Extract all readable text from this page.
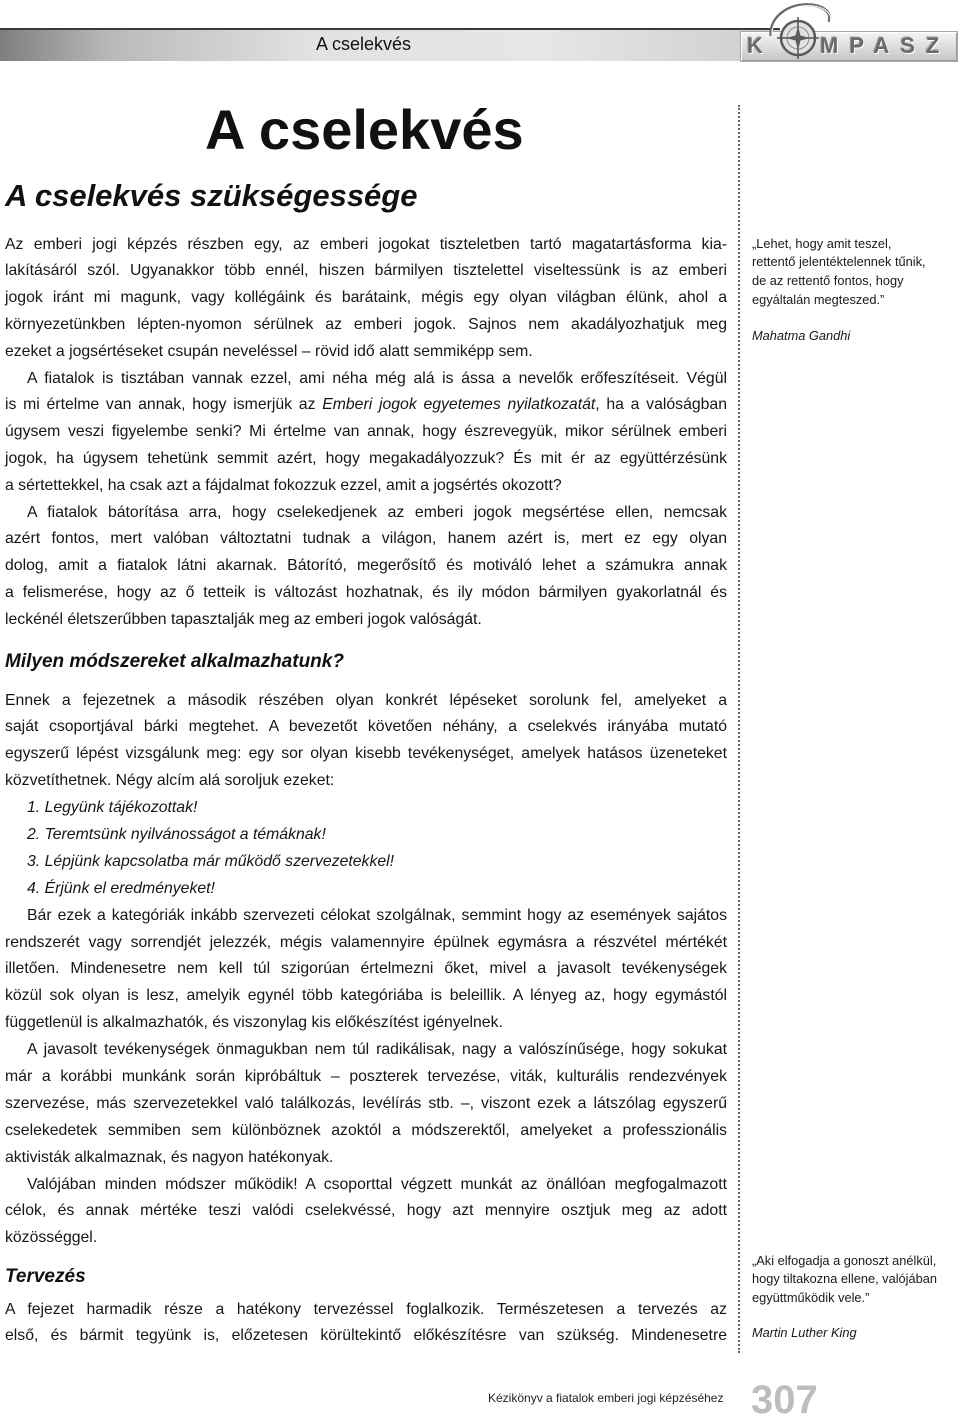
A cselekvés	K	MPASZ
A cselekvés
A cselekvés szükségessége
Az emberi jogi képzés részben egy, az emberi jogokat tiszteletben tartó magatartásforma kia-
lakításáról szól. Ugyanakkor több ennél, hiszen bármilyen tisztelettel viseltessünk is az emberi
jogok iránt mi magunk, vagy kollégáink és barátaink, mégis egy olyan világban élünk, ahol a
környezetünkben lépten-nyomon sérülnek az emberi jogok. Sajnos nem akadályozhatjuk meg
ezeket a jogsértéseket csupán neveléssel – rövid idő alatt semmiképp sem.
A fiatalok is tisztában vannak ezzel, ami néha még alá is ássa a nevelők erőfeszítéseit. Végül
is mi értelme van annak, hogy ismerjük az Emberi jogok egyetemes nyilatkozatát, ha a valóságban
úgysem veszi figyelembe senki? Mi értelme van annak, hogy észrevegyük, mikor sérülnek emberi
jogok, ha úgysem tehetünk semmit azért, hogy megakadályozzuk? És mit ér az együttérzésünk
a sértettekkel, ha csak azt a fájdalmat fokozzuk ezzel, amit a jogsértés okozott?
A fiatalok bátorítása arra, hogy cselekedjenek az emberi jogok megsértése ellen, nemcsak
azért fontos, mert valóban változtatni tudnak a világon, hanem azért is, mert ez egy olyan
dolog, amit a fiatalok látni akarnak. Bátorító, megerősítő és motiváló lehet a számukra annak
a felismerése, hogy az ő tetteik is változást hozhatnak, és ily módon bármilyen gyakorlatnál és
leckénél életszerűbben tapasztalják meg az emberi jogok valóságát.
Milyen módszereket alkalmazhatunk?
Ennek a fejezetnek a második részében olyan konkrét lépéseket sorolunk fel, amelyeket a
saját csoportjával bárki megtehet. A bevezetőt követően néhány, a cselekvés irányába mutató
egyszerű lépést vizsgálunk meg: egy sor olyan kisebb tevékenységet, amelyek hatásos üzeneteket
közvetíthetnek. Négy alcím alá soroljuk ezeket:
1. Legyünk tájékozottak!
2. Teremtsünk nyilvánosságot a témáknak!
3. Lépjünk kapcsolatba már működő szervezetekkel!
4. Érjünk el eredményeket!
Bár ezek a kategóriák inkább szervezeti célokat szolgálnak, semmint hogy az események sajátos
rendszerét vagy sorrendjét jelezzék, mégis valamennyire épülnek egymásra a részvétel mértékét
illetően. Mindenesetre nem kell túl szigorúan értelmezni őket, mivel a javasolt tevékenységek
közül sok olyan is lesz, amelyik egynél több kategóriába is beleillik. A lényeg az, hogy egymástól
függetlenül is alkalmazhatók, és viszonylag kis előkészítést igényelnek.
A javasolt tevékenységek önmagukban nem túl radikálisak, nagy a valószínűsége, hogy sokukat
már a korábbi munkánk során kipróbáltuk – poszterek tervezése, viták, kulturális rendezvények
szervezése, más szervezetekkel való találkozás, levélírás stb. –, viszont ezek a látszólag egyszerű
cselekedetek semmiben sem különböznek azoktól a módszerektől, amelyeket a professzionális
aktivisták alkalmaznak, és nagyon hatékonyak.
Valójában minden módszer működik! A csoporttal végzett munkát az önállóan megfogalmazott
célok, és annak mértéke teszi valódi cselekvéssé, hogy azt mennyire osztjuk meg az adott
közösséggel.
Tervezés
A fejezet harmadik része a hatékony tervezéssel foglalkozik. Természetesen a tervezés az
első, és bármit tegyünk is, előzetesen körültekintő előkészítésre van szükség. Mindenesetre
„Lehet, hogy amit teszel,
rettentő jelentéktelennek tűnik,
de az rettentő fontos, hogy
egyáltalán megteszed.”
Mahatma Gandhi
„Aki elfogadja a gonoszt anélkül,
hogy tiltakozna ellene, valójában
együttműködik vele.”
Martin Luther King
Kézikönyv a fiatalok emberi jogi képzéséhez 307
